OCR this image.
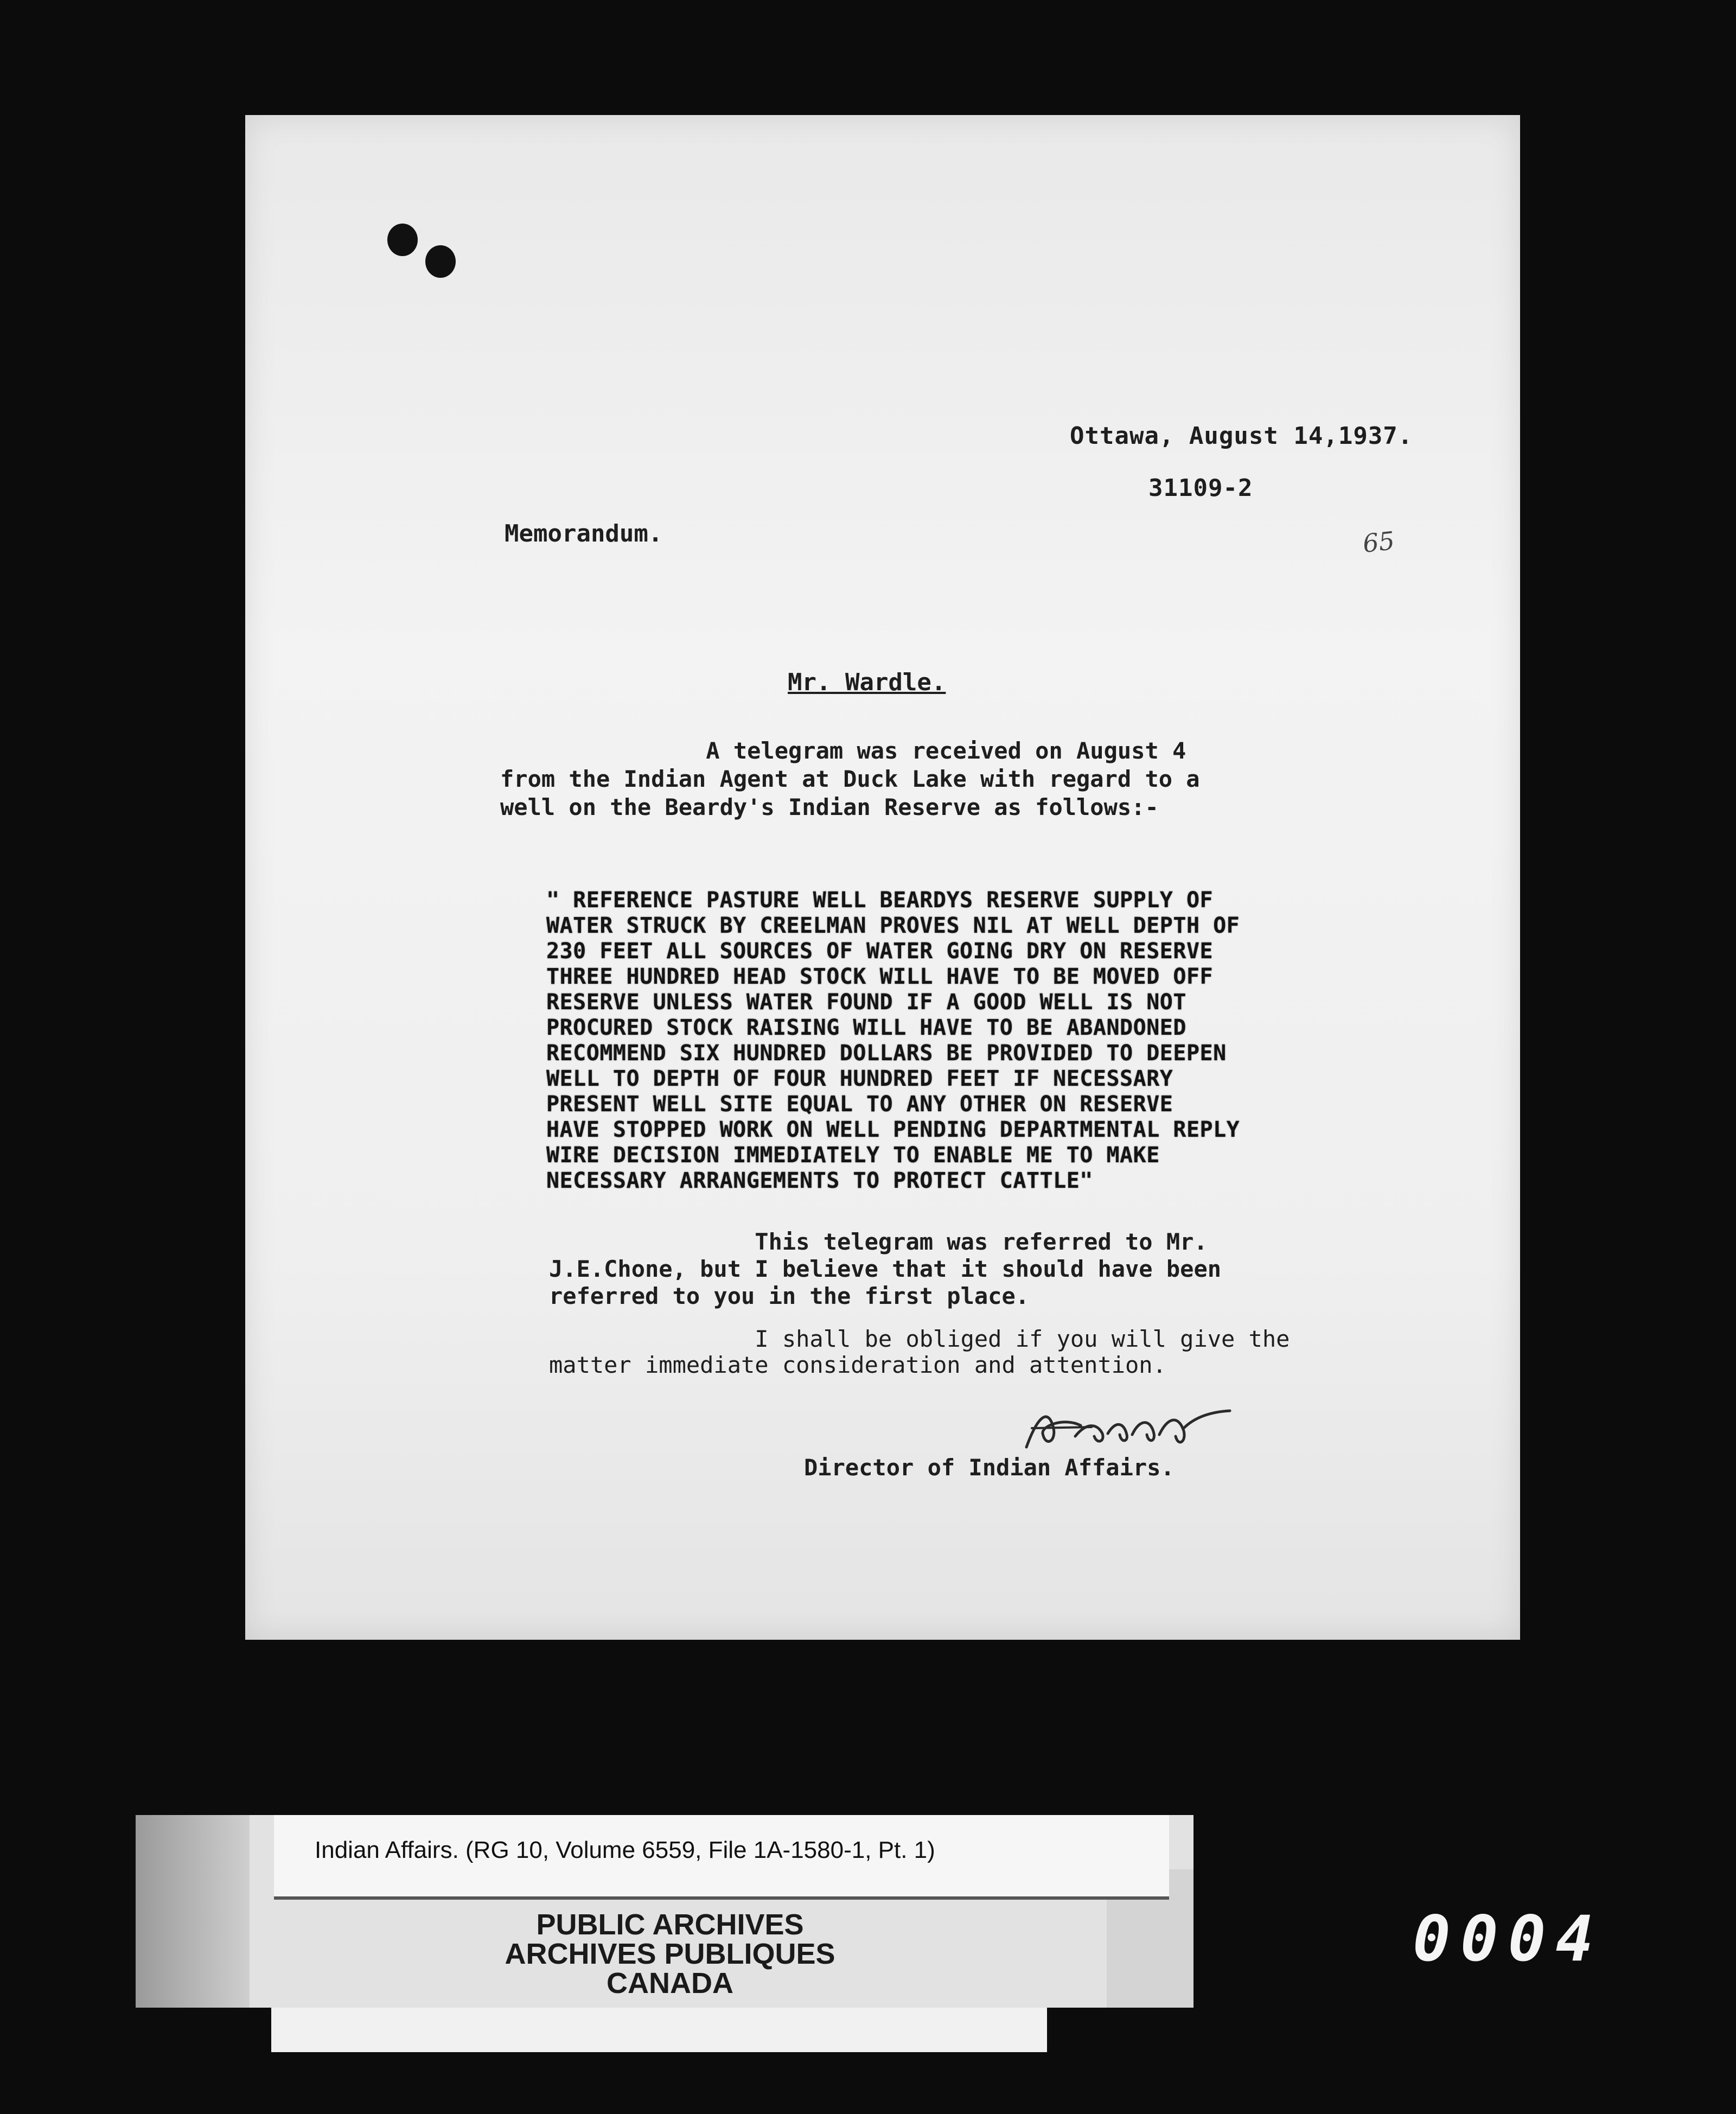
Ottawa, August 14,1937.
31109-2
Memorandum.	65
Mr. Wardle.
A telegram was received on August 4
from the Indian Agent at Duck Lake with regard to a
well on the Beardy's Indian Reserve as follows:-
" REFERENCE PASTURE WELL BEARDYS RESERVE SUPPLY OF
WATER STRUCK BY CREELMAN PROVES NIL AT WELL DEPTH OF
230 FEET ALL SOURCES OF WATER GOING DRY ON RESERVE
THREE HUNDRED HEAD STOCK WILL HAVE TO BE MOVED OFF
RESERVE UNLESS WATER FOUND IF A GOOD WELL IS NOT
PROCURED STOCK RAISING WILL HAVE TO BE ABANDONED
RECOMMEND SIX HUNDRED DOLLARS BE PROVIDED TO DEEPEN
WELL TO DEPTH OF FOUR HUNDRED FEET IF NECESSARY
PRESENT WELL SITE EQUAL TO ANY OTHER ON RESERVE
HAVE STOPPED WORK ON WELL PENDING DEPARTMENTAL REPLY
WIRE DECISION IMMEDIATELY TO ENABLE ME TO MAKE
NECESSARY ARRANGEMENTS TO PROTECT CATTLE"
This telegram was referred to Mr.
J.E.Chone, but I believe that it should have been
referred to you in the first place.
I shall be obliged if you will give the
matter immediate consideration and attention.
Director of Indian Affairs.
Indian Affairs. (RG 10, Volume 6559, File 1A-1580-1, Pt. 1)
PUBLIC ARCHIVES
ARCHIVES PUBLIQUES
CANADA
0004
